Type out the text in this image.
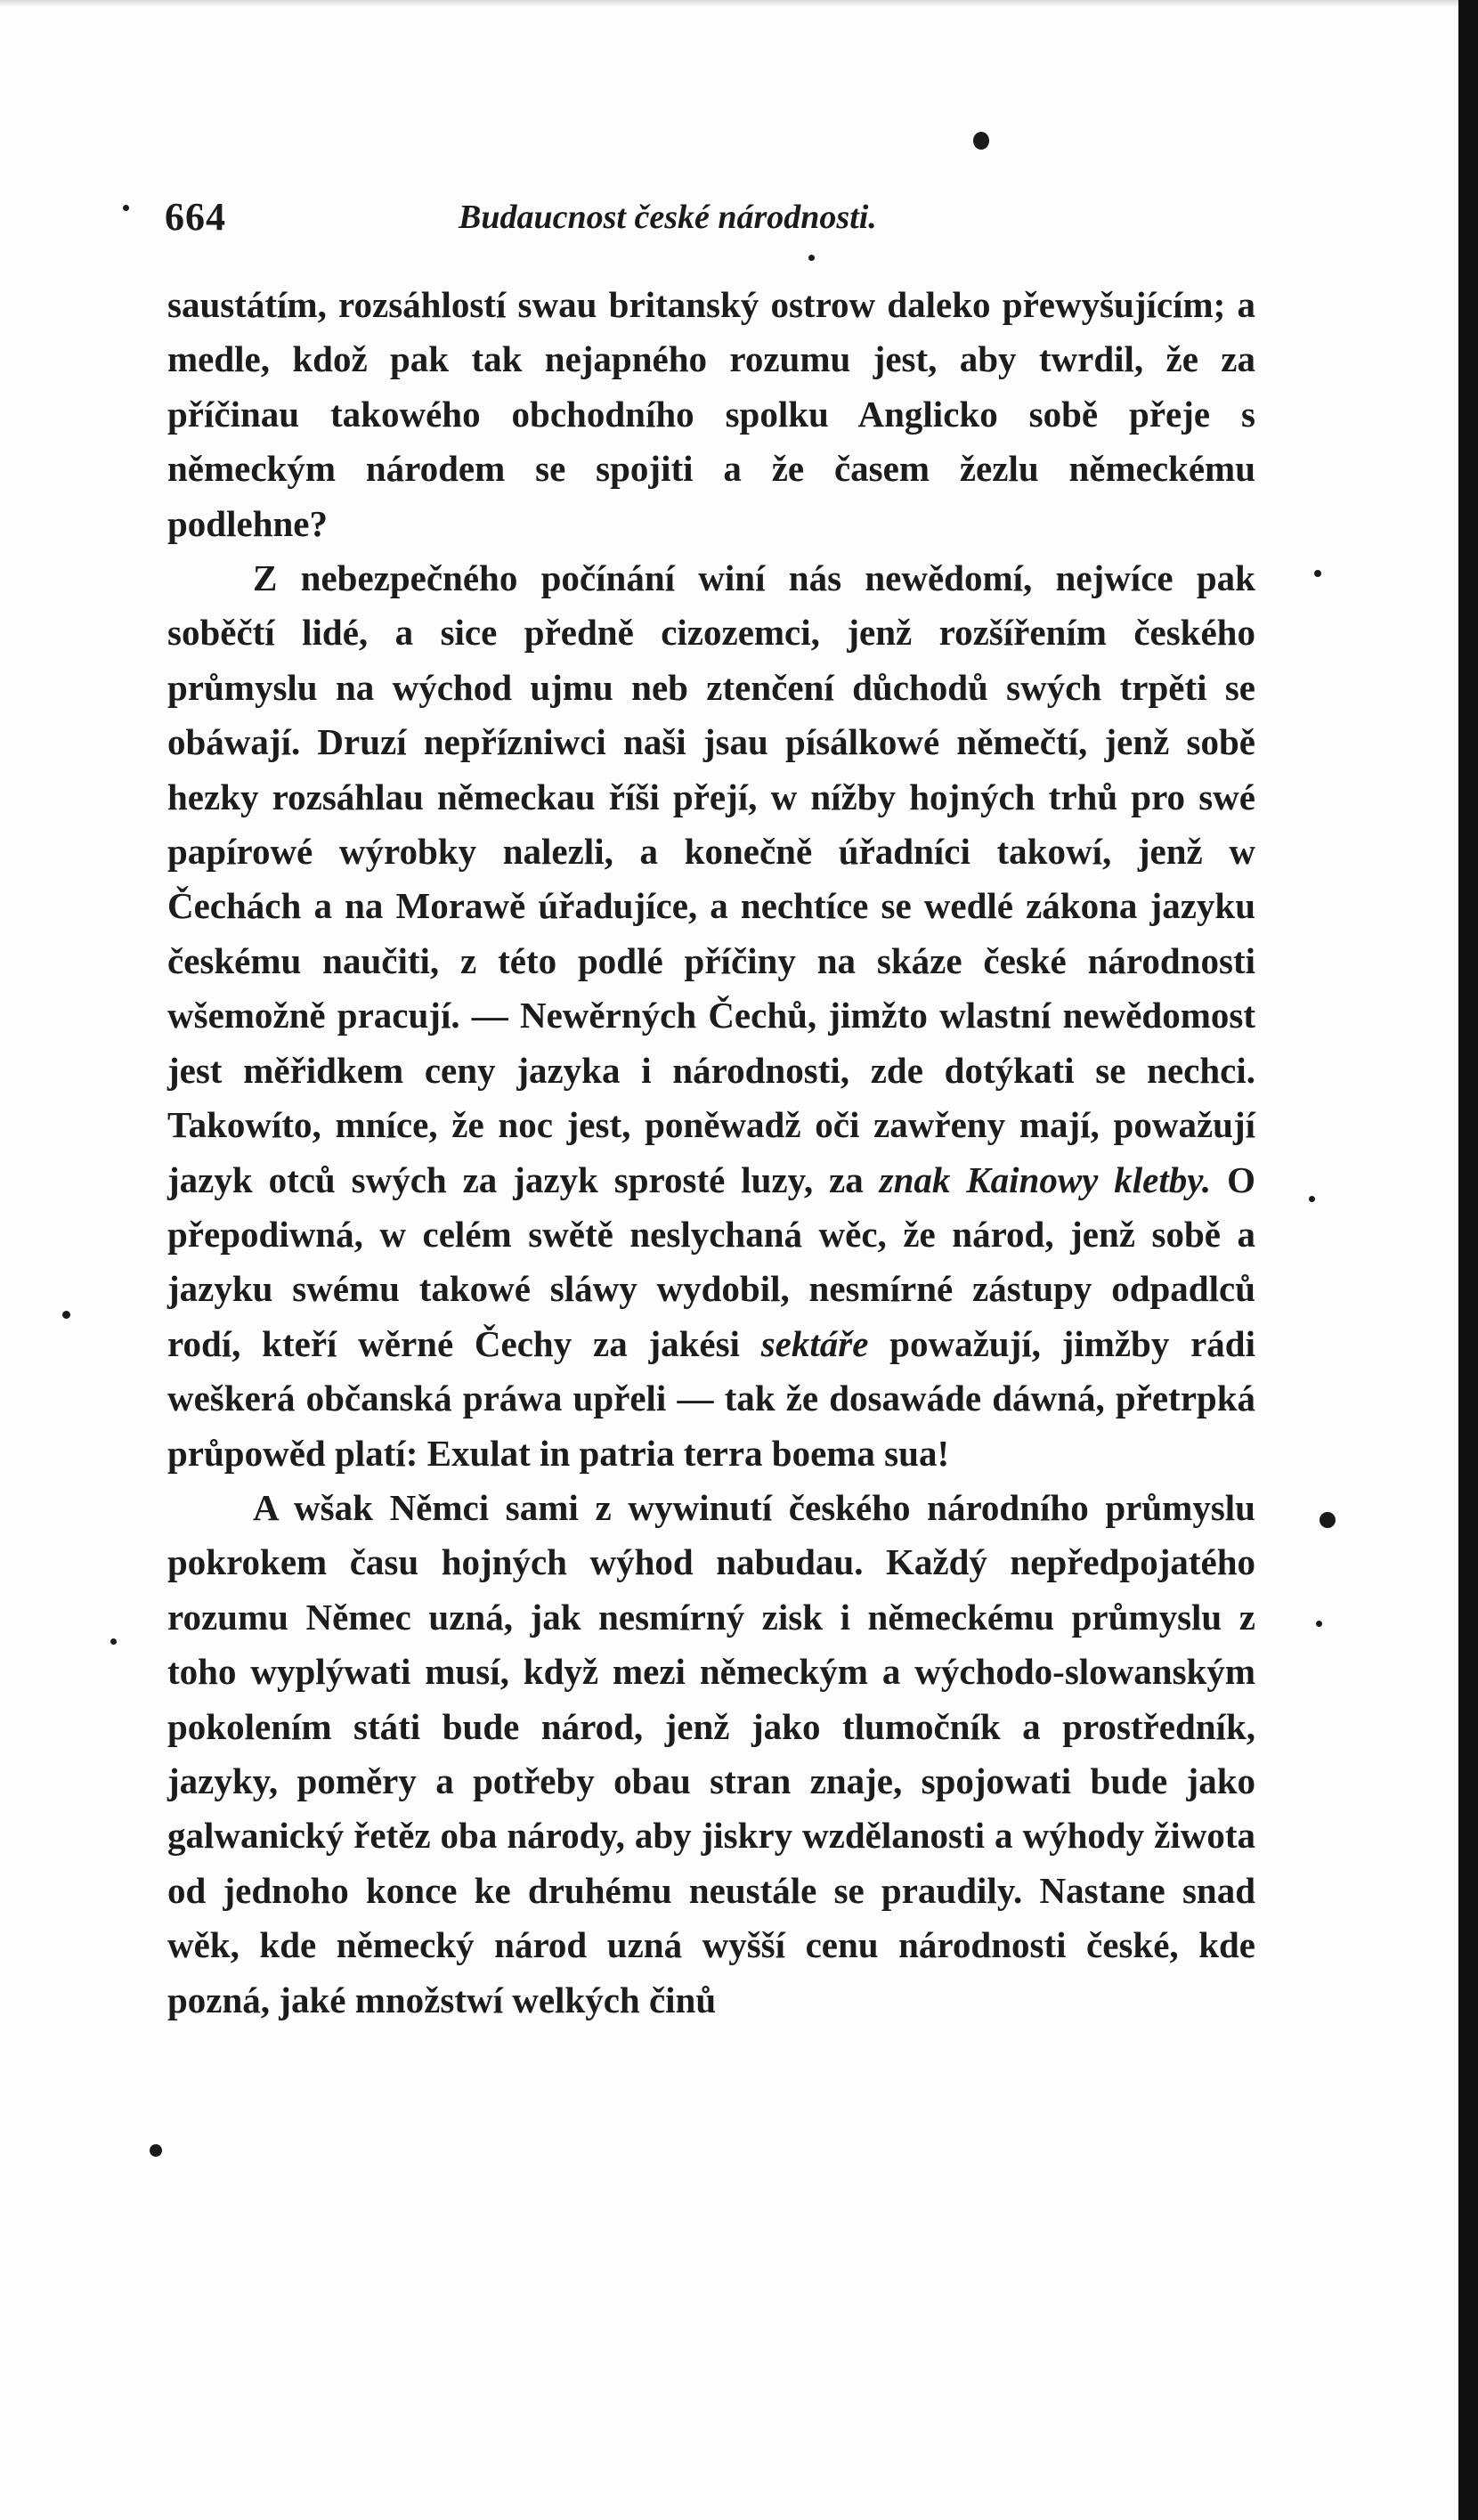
664	Budaucnost české národnosti.

saustátím, rozsáhlostí swau britanský ostrow daleko přewyšujícím; a medle, kdož pak tak nejapného rozumu jest, aby twrdil, že za příčinau takowého obchodního spolku Anglicko sobě přeje s německým národem se spojiti a že časem žezlu německému podlehne?

Z nebezpečného počínání winí nás newědomí, nejwíce pak soběčtí lidé, a sice předně cizozemci, jenž rozšířením českého průmyslu na wýchod ujmu neb ztenčení důchodů swých trpěti se obáwají. Druzí nepřízniwci naši jsau písálkowé němečtí, jenž sobě hezky rozsáhlau německau říši přejí, w nížby hojných trhů pro swé papírowé wýrobky nalezli, a konečně úřadníci takowí, jenž w Čechách a na Morawě úřadujíce, a nechtíce se wedlé zákona jazyku českému naučiti, z této podlé příčiny na skáze české národnosti wšemožně pracují. — Newěrných Čechů, jimžto wlastní newědomost jest měřidkem ceny jazyka i národnosti, zde dotýkati se nechci. Takowíto, mníce, že noc jest, poněwadž oči zawřeny mají, powažují jazyk otců swých za jazyk sprosté luzy, za znak Kainowy kletby. O přepodiwná, w celém swětě neslychaná wěc, že národ, jenž sobě a jazyku swému takowé sláwy wydobil, nesmírné zástupy odpadlců rodí, kteří wěrné Čechy za jakési sektáře powažují, jimžby rádi weškerá občanská práwa upřeli — tak že dosawáde dáwná, přetrpká průpowěd platí: Exulat in patria terra boema sua!

A wšak Němci sami z wywinutí českého národního průmyslu pokrokem času hojných wýhod nabudau. Každý nepředpojatého rozumu Němec uzná, jak nesmírný zisk i německému průmyslu z toho wyplýwati musí, když mezi německým a wýchodo-slowanským pokolením státi bude národ, jenž jako tlumočník a prostředník, jazyky, poměry a potřeby obau stran znaje, spojowati bude jako galwanický řetěz oba národy, aby jiskry wzdělanosti a wýhody žiwota od jednoho konce ke druhému neustále se praudily. Nastane snad wěk, kde německý národ uzná wyšší cenu národnosti české, kde pozná, jaké množstwí welkých činů
